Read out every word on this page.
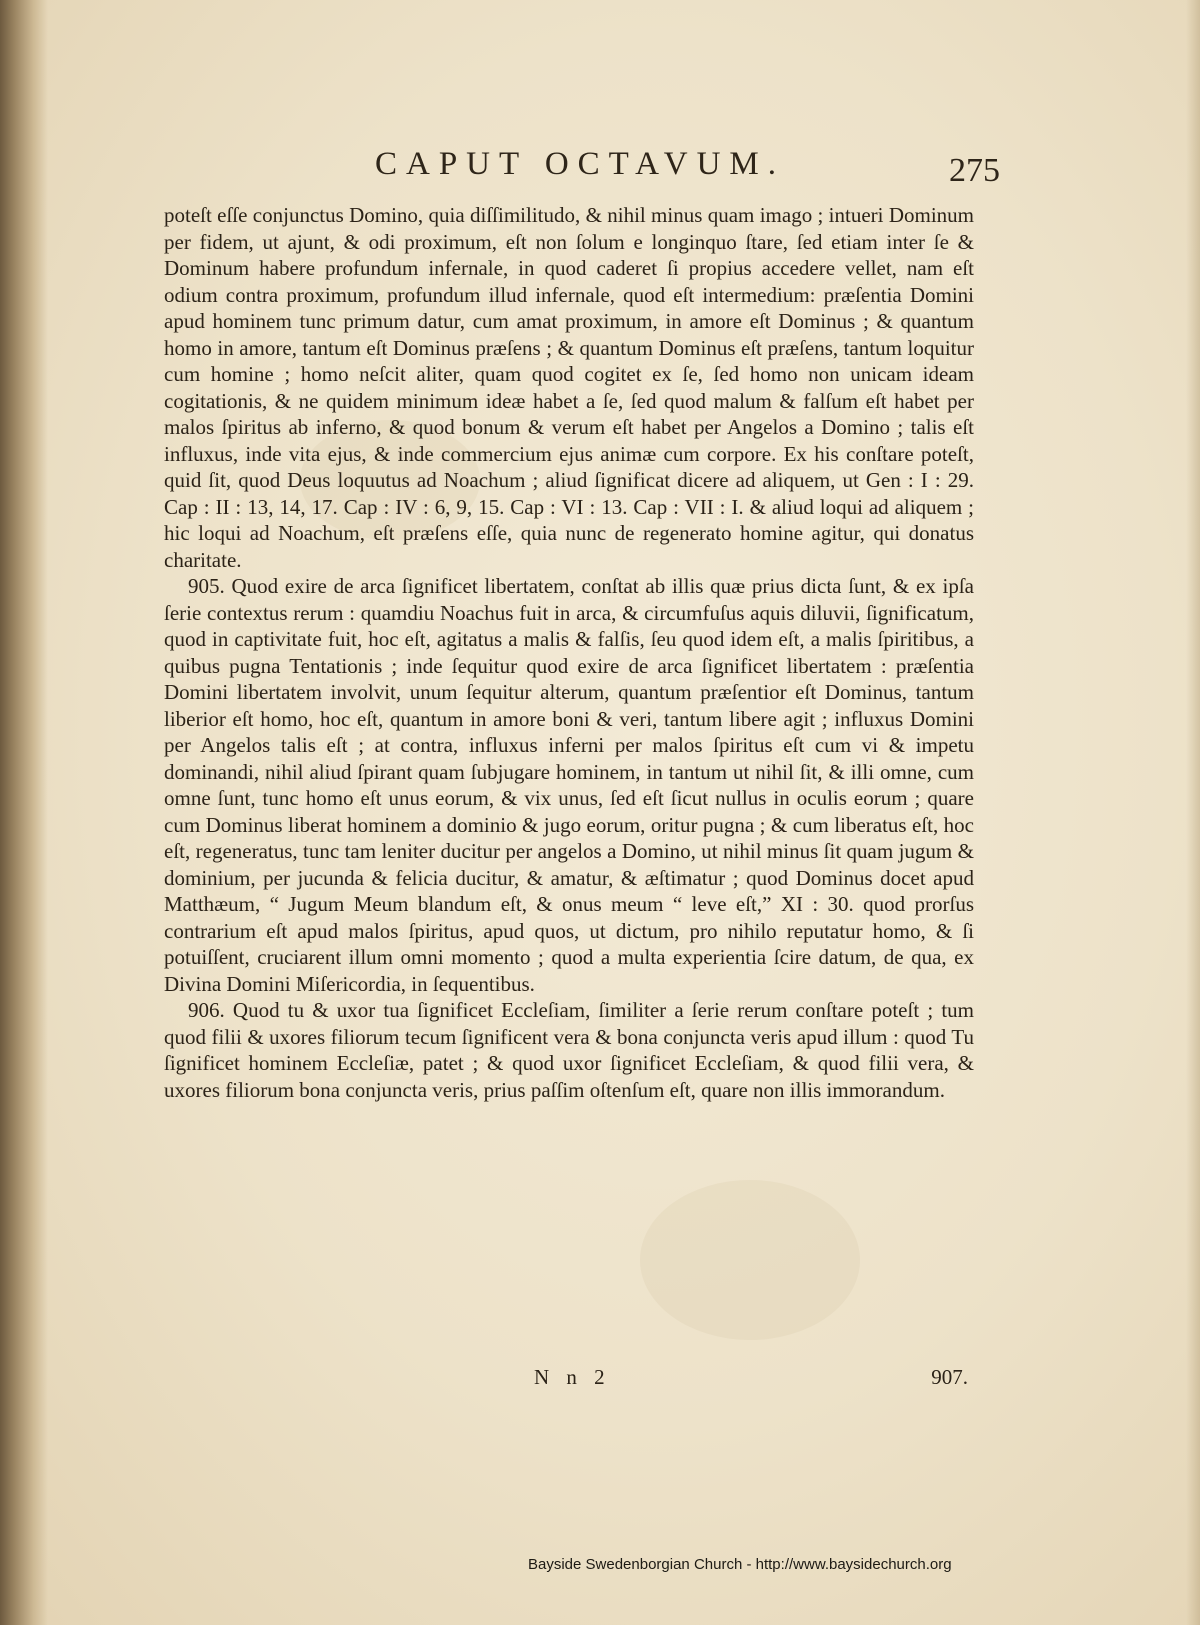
CAPUT OCTAVUM.	275

poteſt eſſe conjunctus Domino, quia diſſimilitudo, & nihil minus quam imago ; intueri Dominum per fidem, ut ajunt, & odi proximum, eſt non ſolum e longinquo ſtare, ſed etiam inter ſe & Dominum habere profundum infernale, in quod caderet ſi propius accedere vellet, nam eſt odium contra proximum, profundum illud infernale, quod eſt intermedium: præſentia Domini apud hominem tunc primum datur, cum amat proximum, in amore eſt Dominus ; & quantum homo in amore, tantum eſt Dominus præſens ; & quantum Dominus eſt præſens, tantum loquitur cum homine ; homo neſcit aliter, quam quod cogitet ex ſe, ſed homo non unicam ideam cogitationis, & ne quidem minimum ideæ habet a ſe, ſed quod malum & falſum eſt habet per malos ſpiritus ab inferno, & quod bonum & verum eſt habet per Angelos a Domino ; talis eſt influxus, inde vita ejus, & inde commercium ejus animæ cum corpore. Ex his conſtare poteſt, quid ſit, quod Deus loquutus ad Noachum ; aliud ſignificat dicere ad aliquem, ut Gen : I : 29. Cap : II : 13, 14, 17. Cap : IV : 6, 9, 15. Cap : VI : 13. Cap : VII : I. & aliud loqui ad aliquem ; hic loqui ad Noachum, eſt præſens eſſe, quia nunc de regenerato homine agitur, qui donatus charitate.

905. Quod exire de arca ſignificet libertatem, conſtat ab illis quæ prius dicta ſunt, & ex ipſa ſerie contextus rerum : quamdiu Noachus fuit in arca, & circumfuſus aquis diluvii, ſignificatum, quod in captivitate fuit, hoc eſt, agitatus a malis & falſis, ſeu quod idem eſt, a malis ſpiritibus, a quibus pugna Tentationis ; inde ſequitur quod exire de arca ſignificet libertatem : præſentia Domini libertatem involvit, unum ſequitur alterum, quantum præſentior eſt Dominus, tantum liberior eſt homo, hoc eſt, quantum in amore boni & veri, tantum libere agit ; influxus Domini per Angelos talis eſt ; at contra, influxus inferni per malos ſpiritus eſt cum vi & impetu dominandi, nihil aliud ſpirant quam ſubjugare hominem, in tantum ut nihil ſit, & illi omne, cum omne ſunt, tunc homo eſt unus eorum, & vix unus, ſed eſt ſicut nullus in oculis eorum ; quare cum Dominus liberat hominem a dominio & jugo eorum, oritur pugna ; & cum liberatus eſt, hoc eſt, regeneratus, tunc tam leniter ducitur per angelos a Domino, ut nihil minus ſit quam jugum & dominium, per jucunda & felicia ducitur, & amatur, & æſtimatur ; quod Dominus docet apud Matthæum, “ Jugum Meum blandum eſt, & onus meum “ leve eſt,” XI : 30. quod prorſus contrarium eſt apud malos ſpiritus, apud quos, ut dictum, pro nihilo reputatur homo, & ſi potuiſſent, cruciarent illum omni momento ; quod a multa experientia ſcire datum, de qua, ex Divina Domini Miſericordia, in ſequentibus.

906. Quod tu & uxor tua ſignificet Eccleſiam, ſimiliter a ſerie rerum conſtare poteſt ; tum quod filii & uxores filiorum tecum ſignificent vera & bona conjuncta veris apud illum : quod Tu ſignificet hominem Eccleſiæ, patet ; & quod uxor ſignificet Eccleſiam, & quod filii vera, & uxores filiorum bona conjuncta veris, prius paſſim oſtenſum eſt, quare non illis immorandum.

N n 2	907.
Bayside Swedenborgian Church - http://www.baysidechurch.org
